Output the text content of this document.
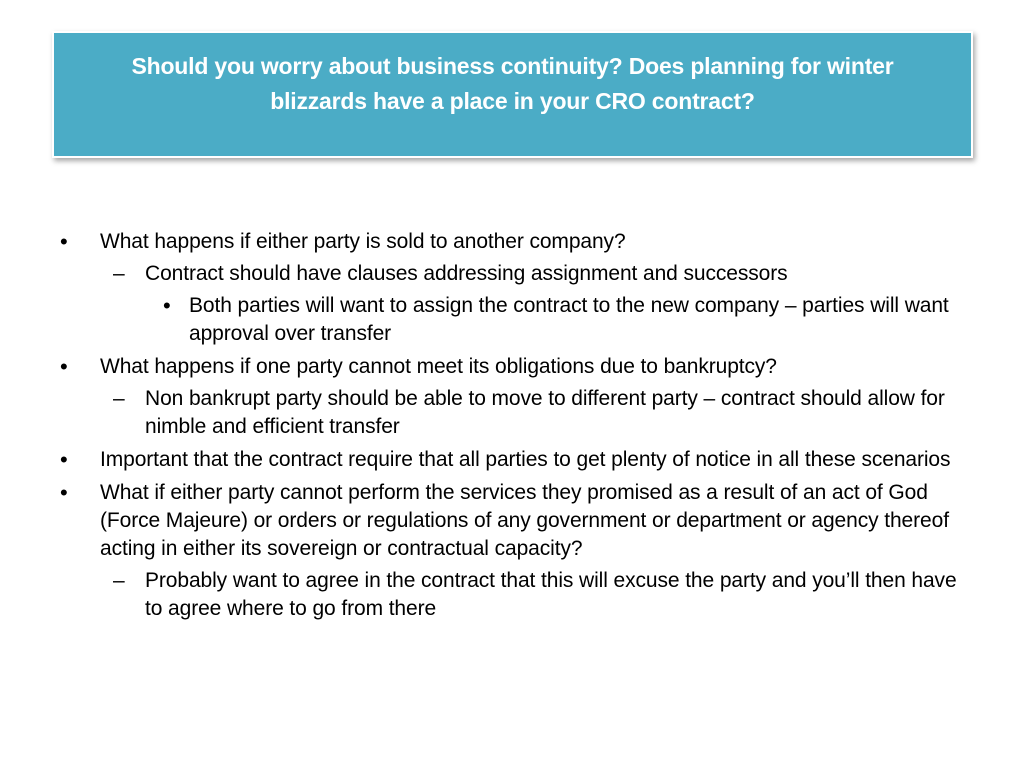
Should you worry about business continuity? Does planning for winter blizzards have a place in your CRO contract?
• What happens if either party is sold to another company?
– Contract should have clauses addressing assignment and successors
• Both parties will want to assign the contract to the new company – parties will want approval over transfer
• What happens if one party cannot meet its obligations due to bankruptcy?
– Non bankrupt party should be able to move to different party – contract should allow for nimble and efficient transfer
• Important that the contract require that all parties to get plenty of notice in all these scenarios
• What if either party cannot perform the services they promised as a result of an act of God (Force Majeure) or orders or regulations of any government or department or agency thereof acting in either its sovereign or contractual capacity?
– Probably want to agree in the contract that this will excuse the party and you’ll then have to agree where to go from there
